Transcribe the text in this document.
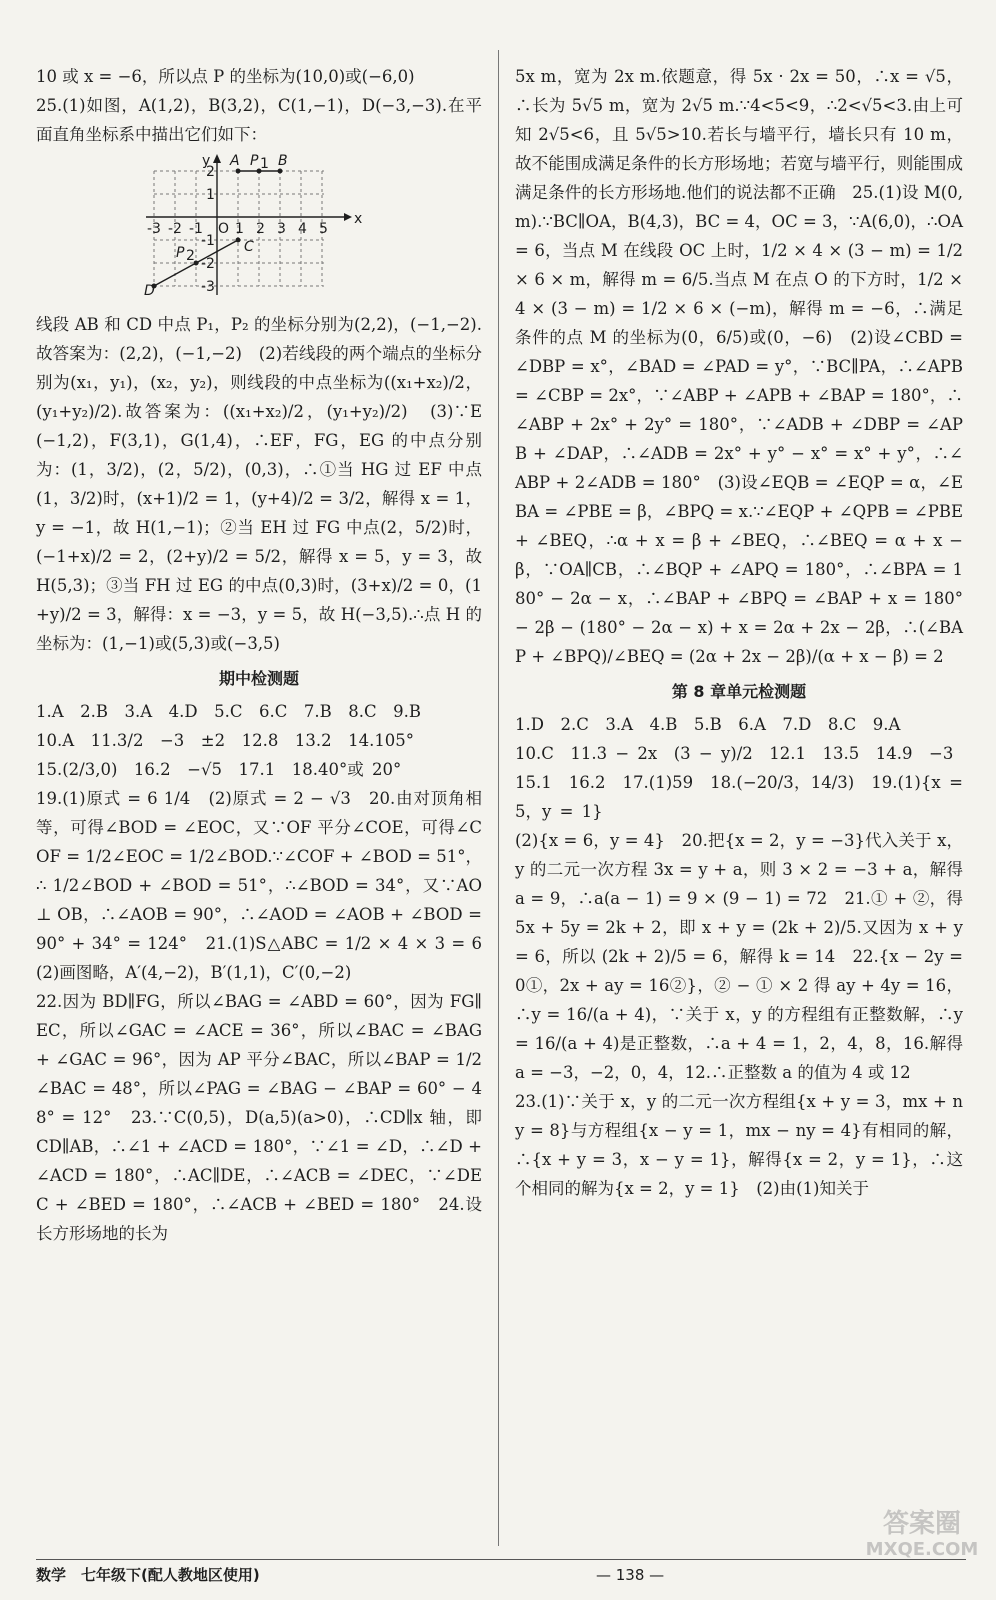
10 或 x = −6，所以点 P 的坐标为(10,0)或(−6,0)

25.(1)如图，A(1,2)，B(3,2)，C(1,−1)，D(−3,−3).在平面直角坐标系中描出它们如下：

x
y
O
-3 -2 -1 1 2 3 4 5
2
1
-1
-2
-3
A P 1 B
C
P 2
D

线段 AB 和 CD 中点 P₁，P₂ 的坐标分别为(2,2)，(−1,−2).故答案为：(2,2)，(−1,−2)　(2)若线段的两个端点的坐标分别为(x₁，y₁)，(x₂，y₂)，则线段的中点坐标为((x₁+x₂)/2，(y₁+y₂)/2).故答案为：((x₁+x₂)/2，(y₁+y₂)/2)　(3)∵E(−1,2)，F(3,1)，G(1,4)，∴EF，FG，EG 的中点分别为：(1，3/2)，(2，5/2)，(0,3)，∴①当 HG 过 EF 中点(1，3/2)时，(x+1)/2 = 1，(y+4)/2 = 3/2，解得 x = 1，y = −1，故 H(1,−1)；②当 EH 过 FG 中点(2，5/2)时，(−1+x)/2 = 2，(2+y)/2 = 5/2，解得 x = 5，y = 3，故 H(5,3)；③当 FH 过 EG 的中点(0,3)时，(3+x)/2 = 0，(1+y)/2 = 3，解得：x = −3，y = 5，故 H(−3,5).∴点 H 的坐标为：(1,−1)或(5,3)或(−3,5)

期中检测题

1.A　2.B　3.A　4.D　5.C　6.C　7.B　8.C　9.B

10.A　11.3/2　−3　±2　12.8　13.2　14.105°

15.(2/3,0)　16.2　−√5　17.1　18.40°或 20°

19.(1)原式 = 6 1/4　(2)原式 = 2 − √3　20.由对顶角相等，可得∠BOD = ∠EOC，又∵OF 平分∠COE，可得∠COF = 1/2∠EOC = 1/2∠BOD.∵∠COF + ∠BOD = 51°，∴ 1/2∠BOD + ∠BOD = 51°，∴∠BOD = 34°，又∵AO ⊥ OB，∴∠AOB = 90°，∴∠AOD = ∠AOB + ∠BOD = 90° + 34° = 124°　21.(1)S△ABC = 1/2 × 4 × 3 = 6　(2)画图略，A′(4,−2)，B′(1,1)，C′(0,−2)

22.因为 BD∥FG，所以∠BAG = ∠ABD = 60°，因为 FG∥EC，所以∠GAC = ∠ACE = 36°，所以∠BAC = ∠BAG + ∠GAC = 96°，因为 AP 平分∠BAC，所以∠BAP = 1/2∠BAC = 48°，所以∠PAG = ∠BAG − ∠BAP = 60° − 48° = 12°　23.∵C(0,5)，D(a,5)(a>0)，∴CD∥x 轴，即 CD∥AB，∴∠1 + ∠ACD = 180°，∵∠1 = ∠D，∴∠D + ∠ACD = 180°，∴AC∥DE，∴∠ACB = ∠DEC，∵∠DEC + ∠BED = 180°，∴∠ACB + ∠BED = 180°　24.设长方形场地的长为

5x m，宽为 2x m.依题意，得 5x · 2x = 50，∴x = √5，∴长为 5√5 m，宽为 2√5 m.∵4<5<9，∴2<√5<3.由上可知 2√5<6，且 5√5>10.若长与墙平行，墙长只有 10 m，故不能围成满足条件的长方形场地；若宽与墙平行，则能围成满足条件的长方形场地.他们的说法都不正确　25.(1)设 M(0,m).∵BC∥OA，B(4,3)，BC = 4，OC = 3，∵A(6,0)，∴OA = 6，当点 M 在线段 OC 上时，1/2 × 4 × (3 − m) = 1/2 × 6 × m，解得 m = 6/5.当点 M 在点 O 的下方时，1/2 × 4 × (3 − m) = 1/2 × 6 × (−m)，解得 m = −6，∴满足条件的点 M 的坐标为(0，6/5)或(0，−6)　(2)设∠CBD = ∠DBP = x°，∠BAD = ∠PAD = y°，∵BC∥PA，∴∠APB = ∠CBP = 2x°，∵∠ABP + ∠APB + ∠BAP = 180°，∴∠ABP + 2x° + 2y° = 180°，∵∠ADB + ∠DBP = ∠APB + ∠DAP，∴∠ADB = 2x° + y° − x° = x° + y°，∴∠ABP + 2∠ADB = 180°　(3)设∠EQB = ∠EQP = α，∠EBA = ∠PBE = β，∠BPQ = x.∵∠EQP + ∠QPB = ∠PBE + ∠BEQ，∴α + x = β + ∠BEQ，∴∠BEQ = α + x − β，∵OA∥CB，∴∠BQP + ∠APQ = 180°，∴∠BPA = 180° − 2α − x，∴∠BAP + ∠BPQ = ∠BAP + x = 180° − 2β − (180° − 2α − x) + x = 2α + 2x − 2β，∴(∠BAP + ∠BPQ)/∠BEQ = (2α + 2x − 2β)/(α + x − β) = 2

第 8 章单元检测题

1.D　2.C　3.A　4.B　5.B　6.A　7.D　8.C　9.A

10.C　11.3 − 2x　(3 − y)/2　12.1　13.5　14.9　−3

15.1　16.2　17.(1)59　18.(−20/3，14/3)　19.(1){x = 5，y = 1}

(2){x = 6，y = 4}　20.把{x = 2，y = −3}代入关于 x，y 的二元一次方程 3x = y + a，则 3 × 2 = −3 + a，解得 a = 9，∴a(a − 1) = 9 × (9 − 1) = 72　21.① + ②，得 5x + 5y = 2k + 2，即 x + y = (2k + 2)/5.又因为 x + y = 6，所以 (2k + 2)/5 = 6，解得 k = 14　22.{x − 2y = 0①，2x + ay = 16②}，② − ① × 2 得 ay + 4y = 16，∴y = 16/(a + 4)，∵关于 x，y 的方程组有正整数解，∴y = 16/(a + 4)是正整数，∴a + 4 = 1，2，4，8，16.解得 a = −3，−2，0，4，12.∴正整数 a 的值为 4 或 12

23.(1)∵关于 x，y 的二元一次方程组{x + y = 3，mx + ny = 8}与方程组{x − y = 1，mx − ny = 4}有相同的解，∴{x + y = 3，x − y = 1}，解得{x = 2，y = 1}，∴这个相同的解为{x = 2，y = 1}　(2)由(1)知关于

数学　七年级下(配人教地区使用)	— 138 —
答案圈
MXQE.COM
